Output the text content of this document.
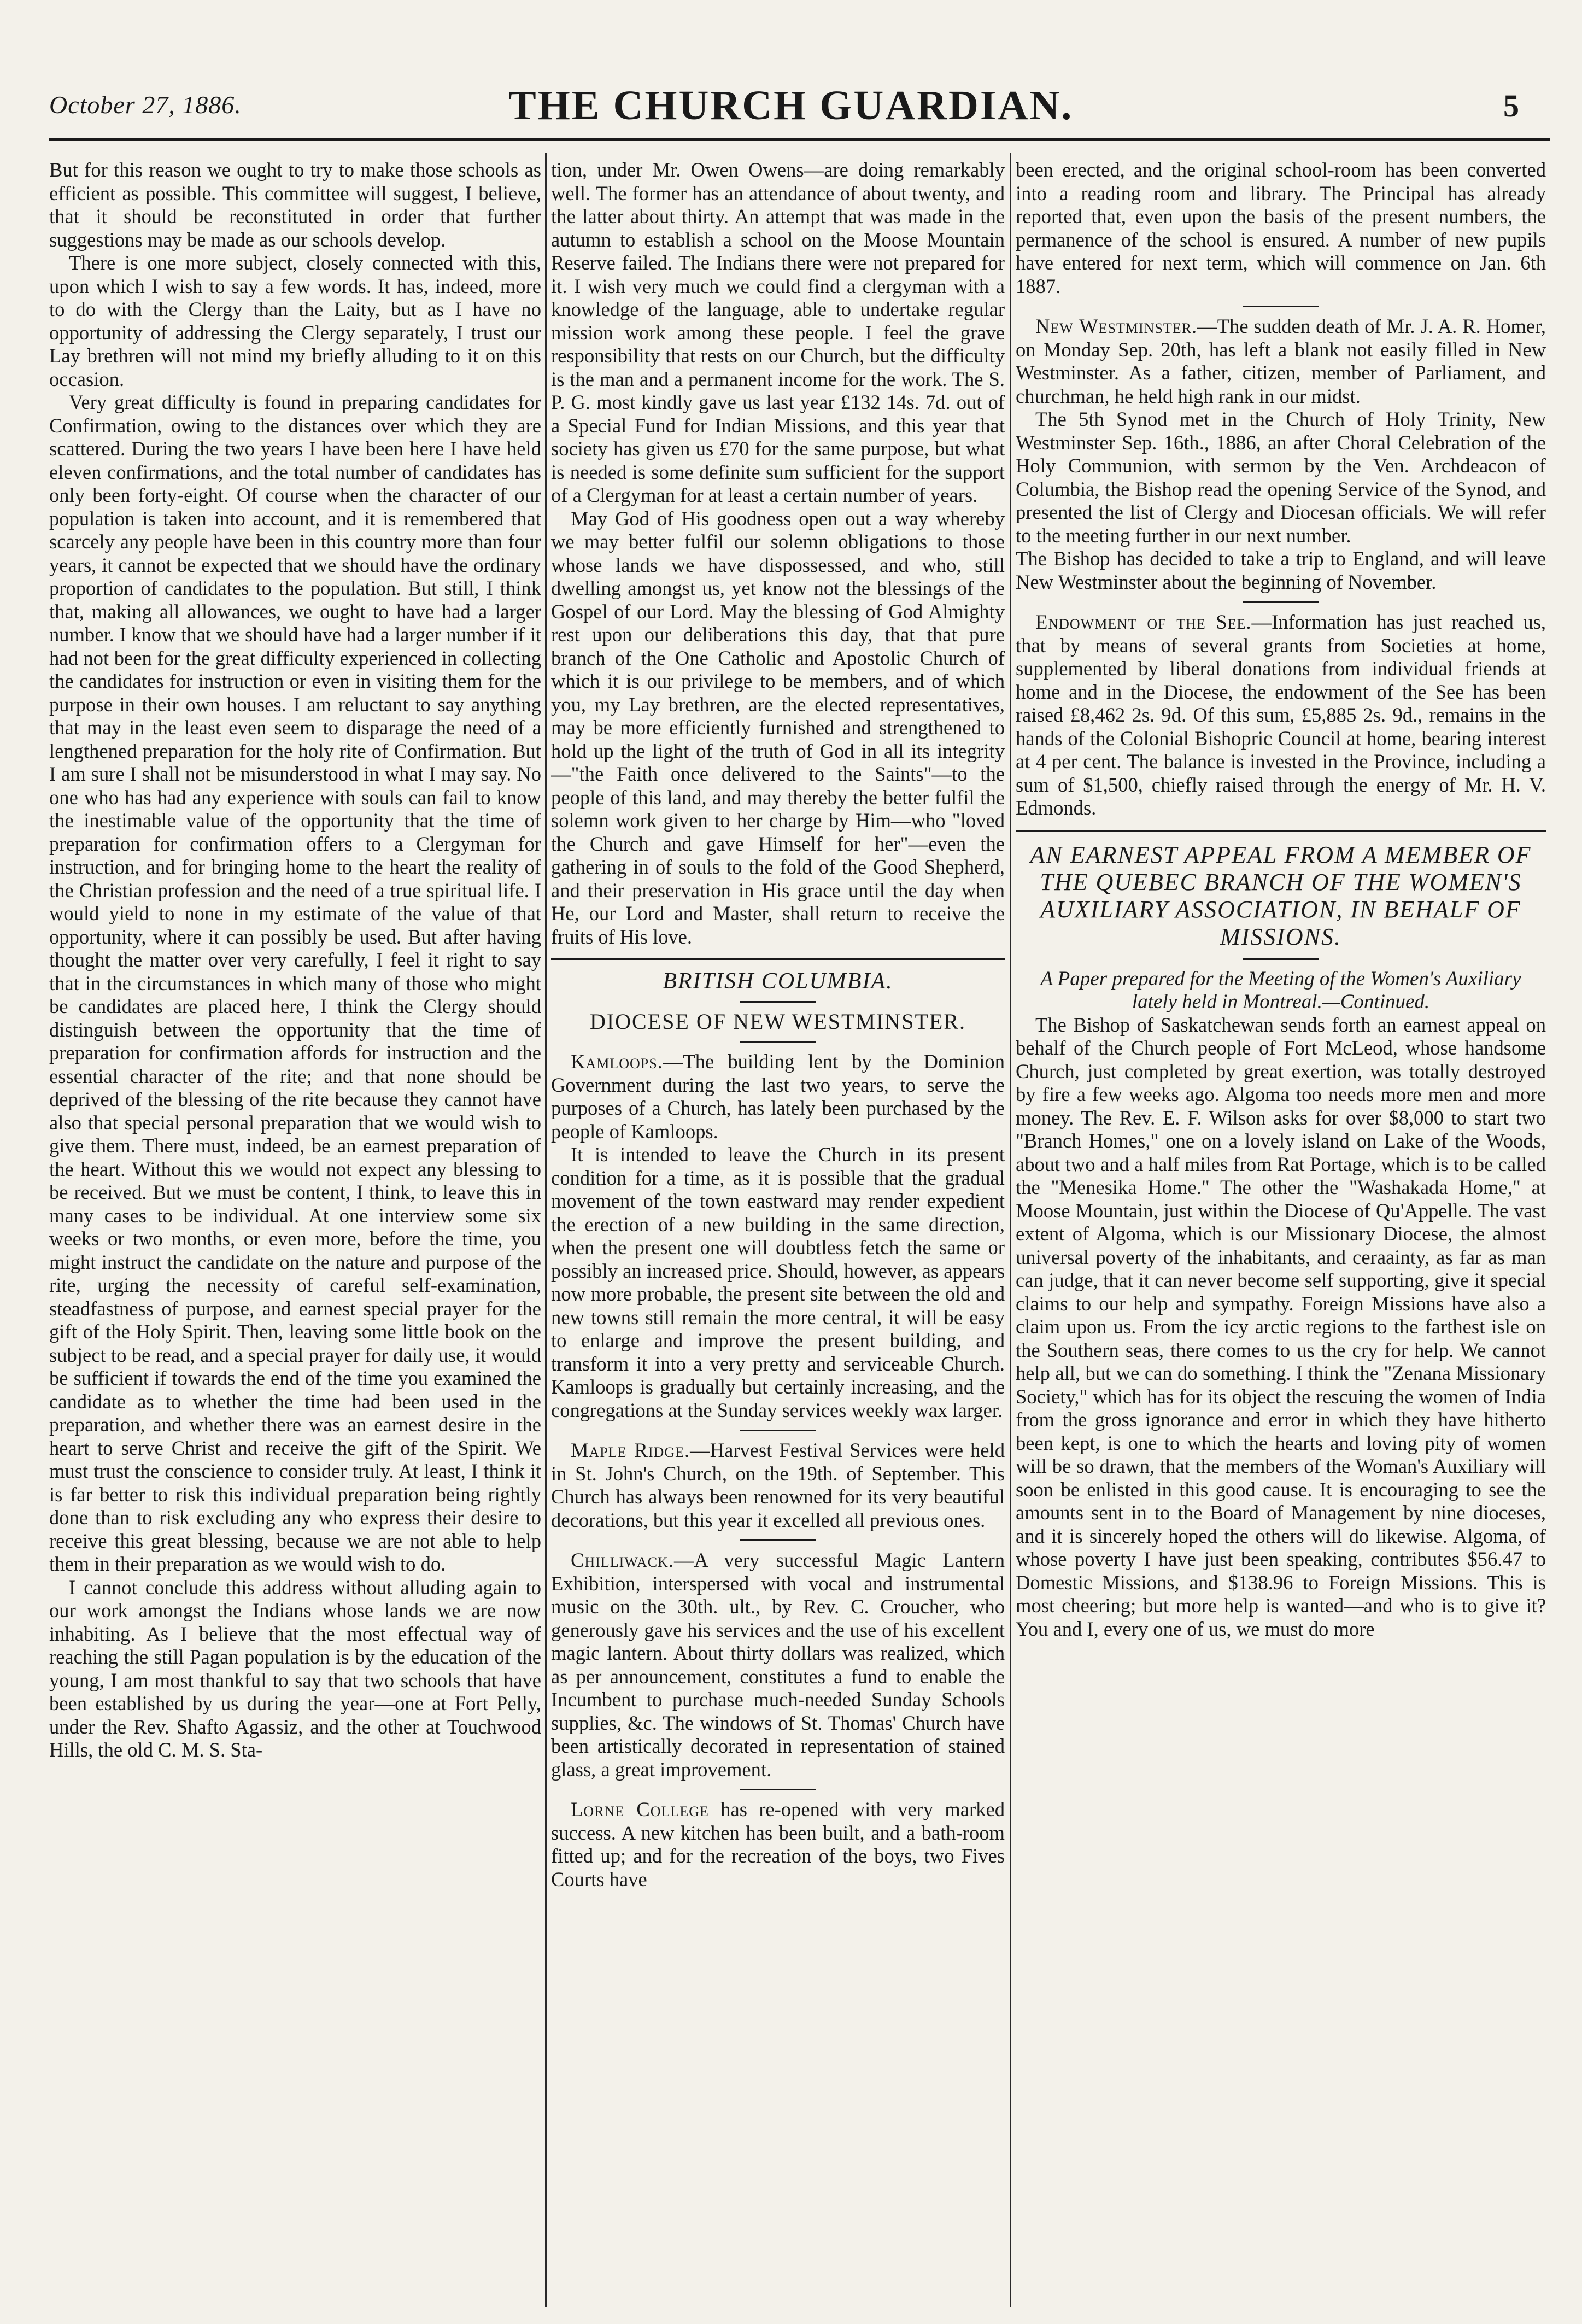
October 27, 1886.	THE CHURCH GUARDIAN.	5

But for this reason we ought to try to make those schools as efficient as possible. This committee will suggest, I believe, that it should be reconstituted in order that further suggestions may be made as our schools develop.

There is one more subject, closely connected with this, upon which I wish to say a few words. It has, indeed, more to do with the Clergy than the Laity, but as I have no opportunity of addressing the Clergy separately, I trust our Lay brethren will not mind my briefly alluding to it on this occasion.

Very great difficulty is found in preparing candidates for Confirmation, owing to the distances over which they are scattered. During the two years I have been here I have held eleven confirmations, and the total number of candidates has only been forty-eight. Of course when the character of our population is taken into account, and it is remembered that scarcely any people have been in this country more than four years, it cannot be expected that we should have the ordinary proportion of candidates to the population. But still, I think that, making all allowances, we ought to have had a larger number. I know that we should have had a larger number if it had not been for the great difficulty experienced in collecting the candidates for instruction or even in visiting them for the purpose in their own houses. I am reluctant to say anything that may in the least even seem to disparage the need of a lengthened preparation for the holy rite of Confirmation. But I am sure I shall not be misunderstood in what I may say. No one who has had any experience with souls can fail to know the inestimable value of the opportunity that the time of preparation for confirmation offers to a Clergyman for instruction, and for bringing home to the heart the reality of the Christian profession and the need of a true spiritual life. I would yield to none in my estimate of the value of that opportunity, where it can possibly be used. But after having thought the matter over very carefully, I feel it right to say that in the circumstances in which many of those who might be candidates are placed here, I think the Clergy should distinguish between the opportunity that the time of preparation for confirmation affords for instruction and the essential character of the rite; and that none should be deprived of the blessing of the rite because they cannot have also that special personal preparation that we would wish to give them. There must, indeed, be an earnest preparation of the heart. Without this we would not expect any blessing to be received. But we must be content, I think, to leave this in many cases to be individual. At one interview some six weeks or two months, or even more, before the time, you might instruct the candidate on the nature and purpose of the rite, urging the necessity of careful self-examination, steadfastness of purpose, and earnest special prayer for the gift of the Holy Spirit. Then, leaving some little book on the subject to be read, and a special prayer for daily use, it would be sufficient if towards the end of the time you examined the candidate as to whether the time had been used in the preparation, and whether there was an earnest desire in the heart to serve Christ and receive the gift of the Spirit. We must trust the conscience to consider truly. At least, I think it is far better to risk this individual preparation being rightly done than to risk excluding any who express their desire to receive this great blessing, because we are not able to help them in their preparation as we would wish to do.

I cannot conclude this address without alluding again to our work amongst the Indians whose lands we are now inhabiting. As I believe that the most effectual way of reaching the still Pagan population is by the education of the young, I am most thankful to say that two schools that have been established by us during the year—one at Fort Pelly, under the Rev. Shafto Agassiz, and the other at Touchwood Hills, the old C. M. S. Sta-

tion, under Mr. Owen Owens—are doing remarkably well. The former has an attendance of about twenty, and the latter about thirty. An attempt that was made in the autumn to establish a school on the Moose Mountain Reserve failed. The Indians there were not prepared for it. I wish very much we could find a clergyman with a knowledge of the language, able to undertake regular mission work among these people. I feel the grave responsibility that rests on our Church, but the difficulty is the man and a permanent income for the work. The S. P. G. most kindly gave us last year £132 14s. 7d. out of a Special Fund for Indian Missions, and this year that society has given us £70 for the same purpose, but what is needed is some definite sum sufficient for the support of a Clergyman for at least a certain number of years.

May God of His goodness open out a way whereby we may better fulfil our solemn obligations to those whose lands we have dispossessed, and who, still dwelling amongst us, yet know not the blessings of the Gospel of our Lord. May the blessing of God Almighty rest upon our deliberations this day, that that pure branch of the One Catholic and Apostolic Church of which it is our privilege to be members, and of which you, my Lay brethren, are the elected representatives, may be more efficiently furnished and strengthened to hold up the light of the truth of God in all its integrity —"the Faith once delivered to the Saints"—to the people of this land, and may thereby the better fulfil the solemn work given to her charge by Him—who "loved the Church and gave Himself for her"—even the gathering in of souls to the fold of the Good Shepherd, and their preservation in His grace until the day when He, our Lord and Master, shall return to receive the fruits of His love.

BRITISH COLUMBIA.

DIOCESE OF NEW WESTMINSTER.

Kamloops.—The building lent by the Dominion Government during the last two years, to serve the purposes of a Church, has lately been purchased by the people of Kamloops.

It is intended to leave the Church in its present condition for a time, as it is possible that the gradual movement of the town eastward may render expedient the erection of a new building in the same direction, when the present one will doubtless fetch the same or possibly an increased price. Should, however, as appears now more probable, the present site between the old and new towns still remain the more central, it will be easy to enlarge and improve the present building, and transform it into a very pretty and serviceable Church. Kamloops is gradually but certainly increasing, and the congregations at the Sunday services weekly wax larger.

Maple Ridge.—Harvest Festival Services were held in St. John's Church, on the 19th. of September. This Church has always been renowned for its very beautiful decorations, but this year it excelled all previous ones.

Chilliwack.—A very successful Magic Lantern Exhibition, interspersed with vocal and instrumental music on the 30th. ult., by Rev. C. Croucher, who generously gave his services and the use of his excellent magic lantern. About thirty dollars was realized, which as per announcement, constitutes a fund to enable the Incumbent to purchase much-needed Sunday Schools supplies, &c. The windows of St. Thomas' Church have been artistically decorated in representation of stained glass, a great improvement.

Lorne College has re-opened with very marked success. A new kitchen has been built, and a bath-room fitted up; and for the recreation of the boys, two Fives Courts have

been erected, and the original school-room has been converted into a reading room and library. The Principal has already reported that, even upon the basis of the present numbers, the permanence of the school is ensured. A number of new pupils have entered for next term, which will commence on Jan. 6th 1887.

New Westminster.—The sudden death of Mr. J. A. R. Homer, on Monday Sep. 20th, has left a blank not easily filled in New Westminster. As a father, citizen, member of Parliament, and churchman, he held high rank in our midst.

The 5th Synod met in the Church of Holy Trinity, New Westminster Sep. 16th., 1886, an after Choral Celebration of the Holy Communion, with sermon by the Ven. Archdeacon of Columbia, the Bishop read the opening Service of the Synod, and presented the list of Clergy and Diocesan officials. We will refer to the meeting further in our next number.

The Bishop has decided to take a trip to England, and will leave New Westminster about the beginning of November.

Endowment of the See.—Information has just reached us, that by means of several grants from Societies at home, supplemented by liberal donations from individual friends at home and in the Diocese, the endowment of the See has been raised £8,462 2s. 9d. Of this sum, £5,885 2s. 9d., remains in the hands of the Colonial Bishopric Council at home, bearing interest at 4 per cent. The balance is invested in the Province, including a sum of $1,500, chiefly raised through the energy of Mr. H. V. Edmonds.

AN EARNEST APPEAL FROM A MEMBER OF THE QUEBEC BRANCH OF THE WOMEN'S AUXILIARY ASSOCIATION, IN BEHALF OF MISSIONS.

A Paper prepared for the Meeting of the Women's Auxiliary lately held in Montreal.—Continued.

The Bishop of Saskatchewan sends forth an earnest appeal on behalf of the Church people of Fort McLeod, whose handsome Church, just completed by great exertion, was totally destroyed by fire a few weeks ago. Algoma too needs more men and more money. The Rev. E. F. Wilson asks for over $8,000 to start two "Branch Homes," one on a lovely island on Lake of the Woods, about two and a half miles from Rat Portage, which is to be called the "Menesika Home." The other the "Washakada Home," at Moose Mountain, just within the Diocese of Qu'Appelle. The vast extent of Algoma, which is our Missionary Diocese, the almost universal poverty of the inhabitants, and ceraainty, as far as man can judge, that it can never become self supporting, give it special claims to our help and sympathy. Foreign Missions have also a claim upon us. From the icy arctic regions to the farthest isle on the Southern seas, there comes to us the cry for help. We cannot help all, but we can do something. I think the "Zenana Missionary Society," which has for its object the rescuing the women of India from the gross ignorance and error in which they have hitherto been kept, is one to which the hearts and loving pity of women will be so drawn, that the members of the Woman's Auxiliary will soon be enlisted in this good cause. It is encouraging to see the amounts sent in to the Board of Management by nine dioceses, and it is sincerely hoped the others will do likewise. Algoma, of whose poverty I have just been speaking, contributes $56.47 to Domestic Missions, and $138.96 to Foreign Missions. This is most cheering; but more help is wanted—and who is to give it? You and I, every one of us, we must do more
